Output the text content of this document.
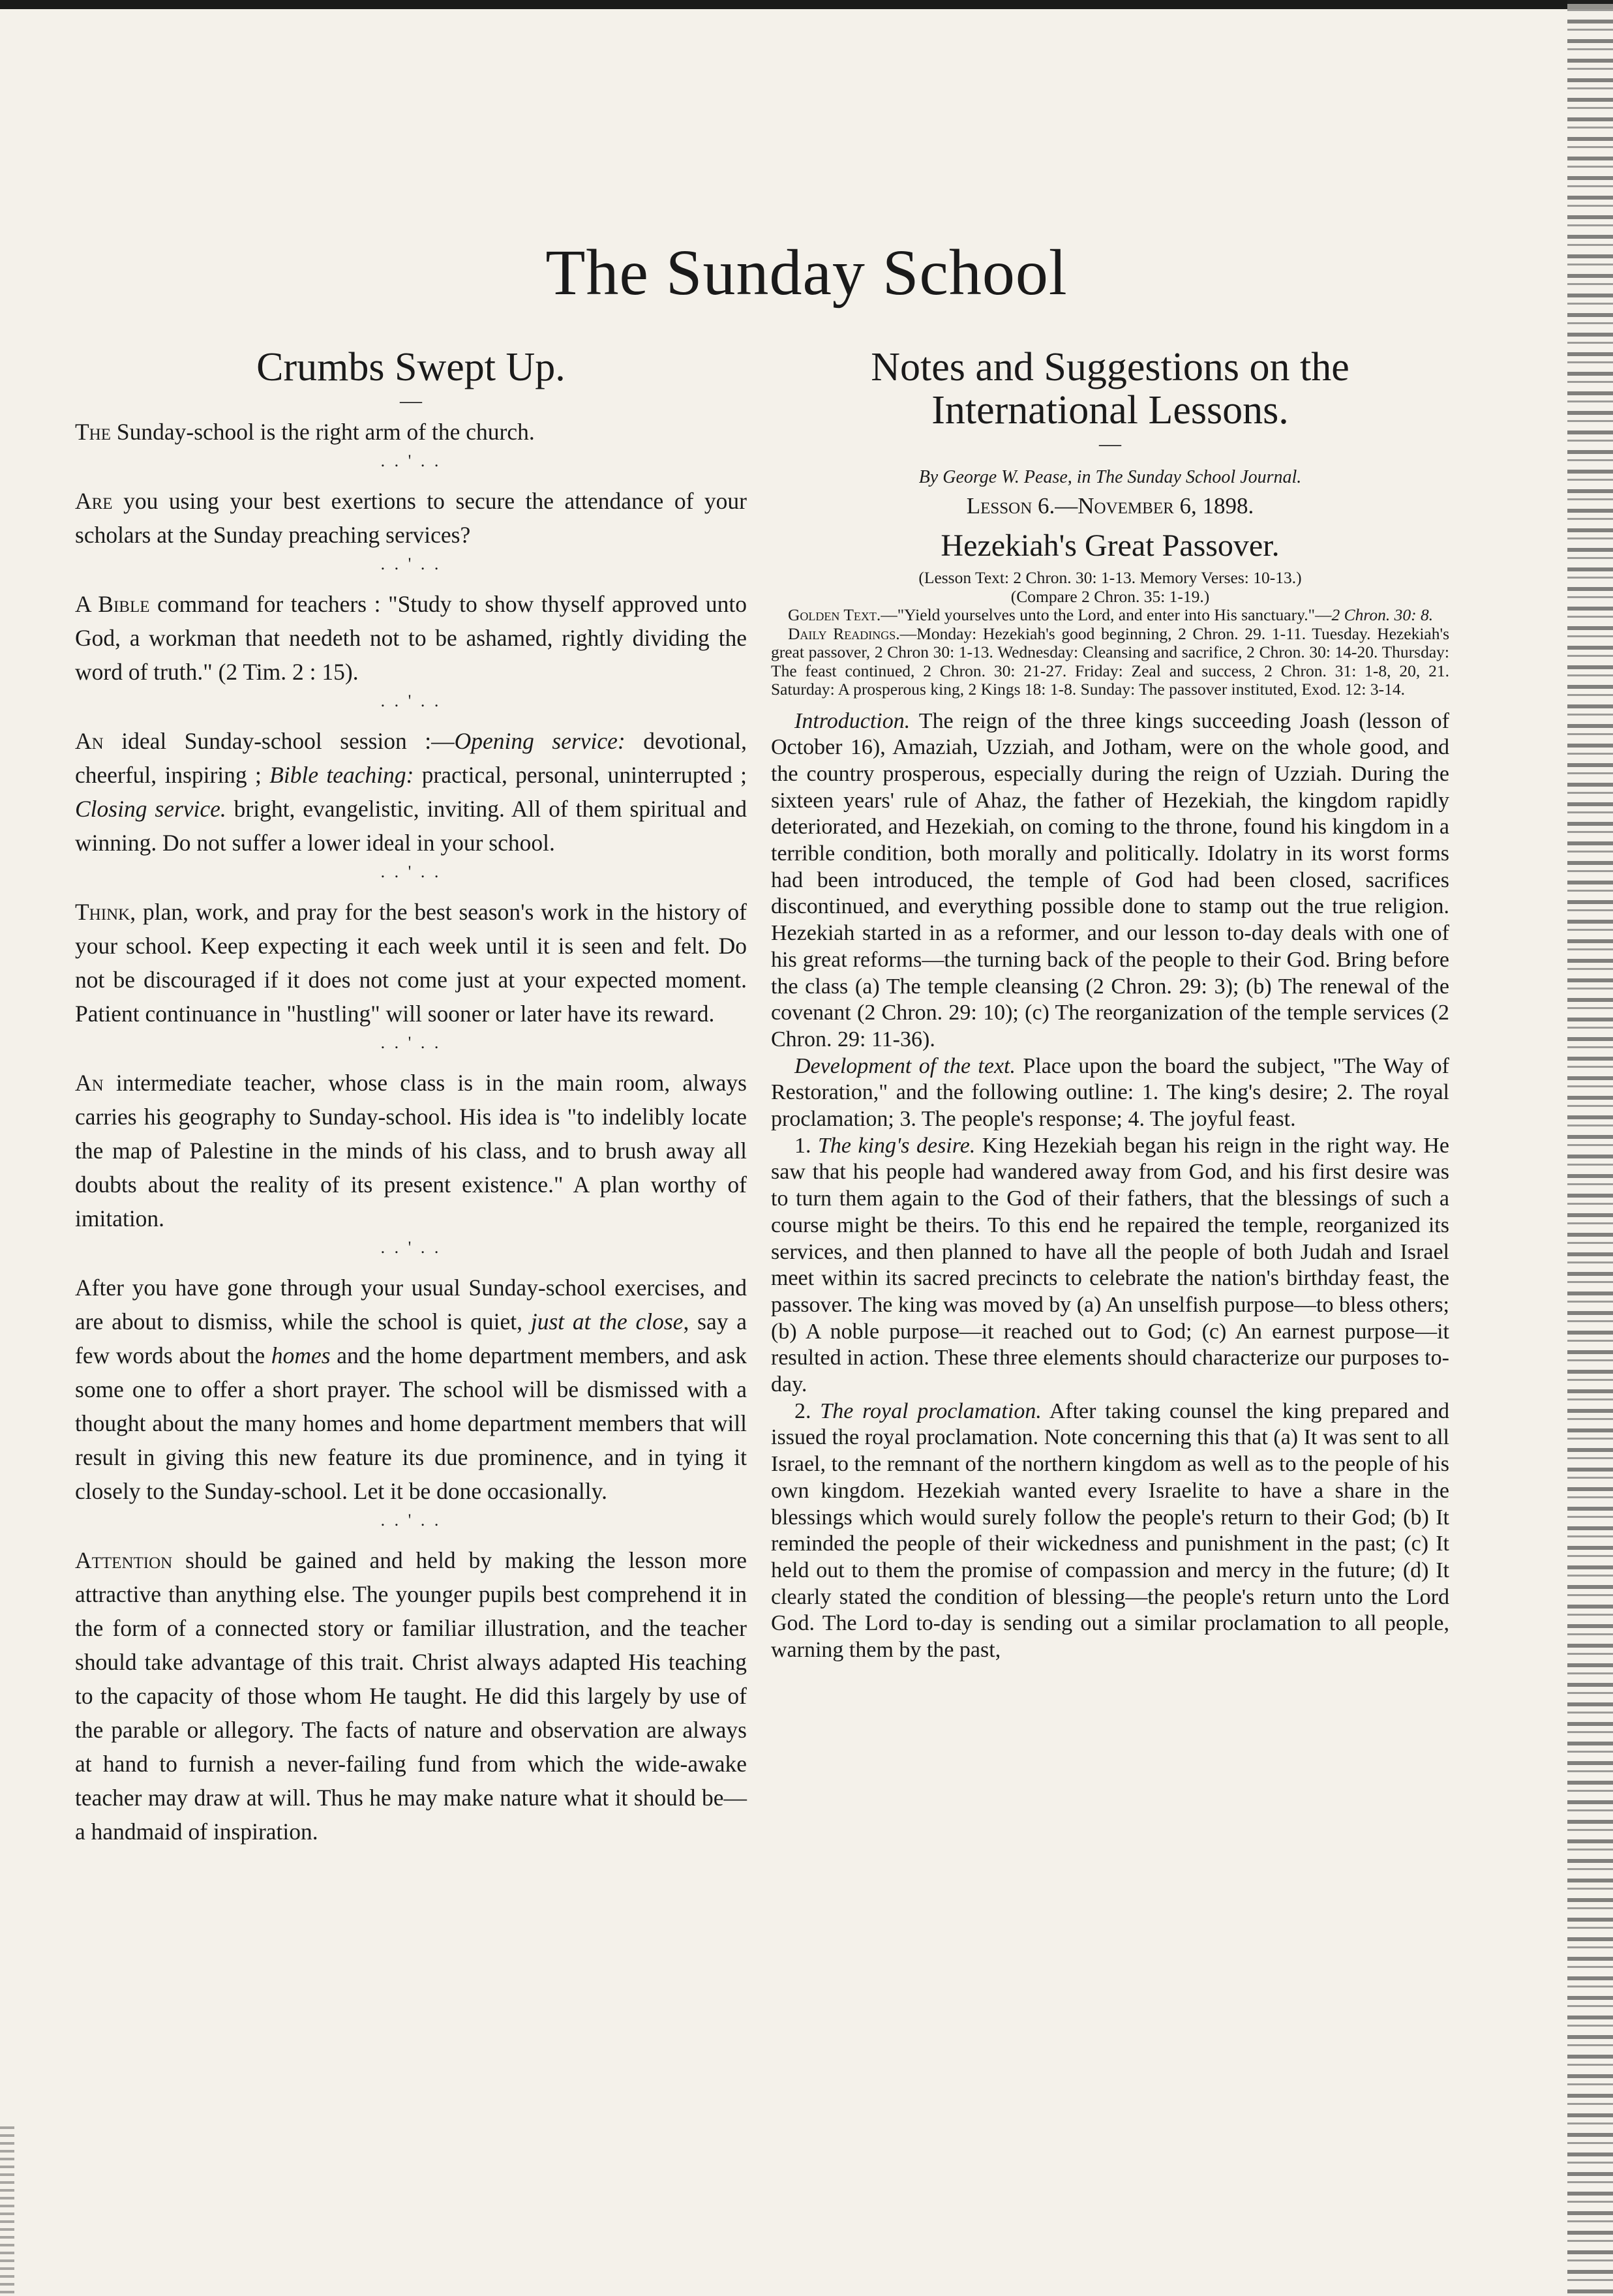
The Sunday School
Crumbs Swept Up.
—

The Sunday-school is the right arm of the church.

. . ' . .

Are you using your best exertions to secure the attendance of your scholars at the Sunday preaching services?

. . ' . .

A Bible command for teachers : "Study to show thyself approved unto God, a workman that needeth not to be ashamed, rightly dividing the word of truth." (2 Tim. 2 : 15).

. . ' . .

An ideal Sunday-school session :—Opening service: devotional, cheerful, inspiring ; Bible teaching: practical, personal, uninterrupted ; Closing service. bright, evangelistic, inviting. All of them spiritual and winning. Do not suffer a lower ideal in your school.

. . ' . .

Think, plan, work, and pray for the best season's work in the history of your school. Keep expecting it each week until it is seen and felt. Do not be discouraged if it does not come just at your expected moment. Patient continuance in "hustling" will sooner or later have its reward.

. . ' . .

An intermediate teacher, whose class is in the main room, always carries his geography to Sunday-school. His idea is "to indelibly locate the map of Palestine in the minds of his class, and to brush away all doubts about the reality of its present existence." A plan worthy of imitation.

. . ' . .

After you have gone through your usual Sunday-school exercises, and are about to dismiss, while the school is quiet, just at the close, say a few words about the homes and the home department members, and ask some one to offer a short prayer. The school will be dismissed with a thought about the many homes and home department members that will result in giving this new feature its due prominence, and in tying it closely to the Sunday-school. Let it be done occasionally.

. . ' . .

Attention should be gained and held by making the lesson more attractive than anything else. The younger pupils best comprehend it in the form of a connected story or familiar illustration, and the teacher should take advantage of this trait. Christ always adapted His teaching to the capacity of those whom He taught. He did this largely by use of the parable or allegory. The facts of nature and observation are always at hand to furnish a never-failing fund from which the wide-awake teacher may draw at will. Thus he may make nature what it should be—a handmaid of inspiration.

Notes and Suggestions on the
International Lessons.
—

By George W. Pease, in The Sunday School Journal.

Lesson 6.—November 6, 1898.

Hezekiah's Great Passover.

(Lesson Text: 2 Chron. 30: 1-13. Memory Verses: 10-13.)
(Compare 2 Chron. 35: 1-19.)

Golden Text.—"Yield yourselves unto the Lord, and enter into His sanctuary."—2 Chron. 30: 8.

Daily Readings.—Monday: Hezekiah's good beginning, 2 Chron. 29. 1-11. Tuesday. Hezekiah's great passover, 2 Chron 30: 1-13. Wednesday: Cleansing and sacrifice, 2 Chron. 30: 14-20. Thursday: The feast continued, 2 Chron. 30: 21-27. Friday: Zeal and success, 2 Chron. 31: 1-8, 20, 21. Saturday: A prosperous king, 2 Kings 18: 1-8. Sunday: The passover instituted, Exod. 12: 3-14.

Introduction. The reign of the three kings succeeding Joash (lesson of October 16), Amaziah, Uzziah, and Jotham, were on the whole good, and the country prosperous, especially during the reign of Uzziah. During the sixteen years' rule of Ahaz, the father of Hezekiah, the kingdom rapidly deteriorated, and Hezekiah, on coming to the throne, found his kingdom in a terrible condition, both morally and politically. Idolatry in its worst forms had been introduced, the temple of God had been closed, sacrifices discontinued, and everything possible done to stamp out the true religion. Hezekiah started in as a reformer, and our lesson to-day deals with one of his great reforms—the turning back of the people to their God. Bring before the class (a) The temple cleansing (2 Chron. 29: 3); (b) The renewal of the covenant (2 Chron. 29: 10); (c) The reorganization of the temple services (2 Chron. 29: 11-36).

Development of the text. Place upon the board the subject, "The Way of Restoration," and the following outline: 1. The king's desire; 2. The royal proclamation; 3. The people's response; 4. The joyful feast.

1. The king's desire. King Hezekiah began his reign in the right way. He saw that his people had wandered away from God, and his first desire was to turn them again to the God of their fathers, that the blessings of such a course might be theirs. To this end he repaired the temple, reorganized its services, and then planned to have all the people of both Judah and Israel meet within its sacred precincts to celebrate the nation's birthday feast, the passover. The king was moved by (a) An unselfish purpose—to bless others; (b) A noble purpose—it reached out to God; (c) An earnest purpose—it resulted in action. These three elements should characterize our purposes to-day.

2. The royal proclamation. After taking counsel the king prepared and issued the royal proclamation. Note concerning this that (a) It was sent to all Israel, to the remnant of the northern kingdom as well as to the people of his own kingdom. Hezekiah wanted every Israelite to have a share in the blessings which would surely follow the people's return to their God; (b) It reminded the people of their wickedness and punishment in the past; (c) It held out to them the promise of compassion and mercy in the future; (d) It clearly stated the condition of blessing—the people's return unto the Lord God. The Lord to-day is sending out a similar proclamation to all people, warning them by the past,
